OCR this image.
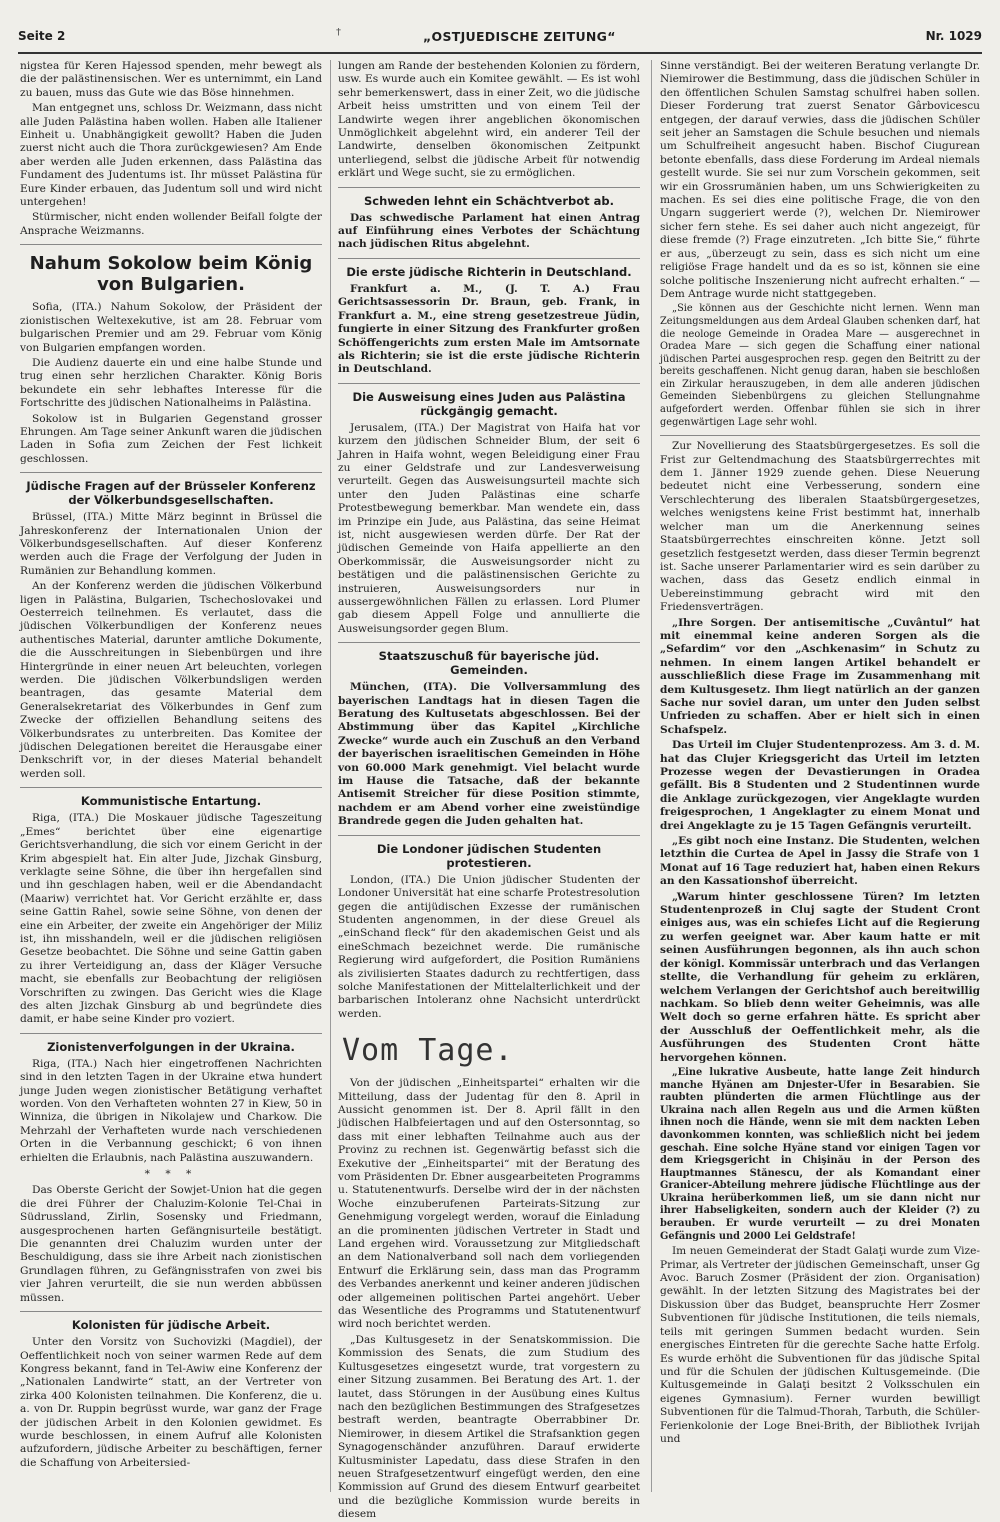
Seite 2	†	„OSTJUEDISCHE ZEITUNG“	Nr. 1029

nigstea für Keren Hajessod spenden, mehr bewegt als die der palästinensischen. Wer es unternimmt, ein Land zu bauen, muss das Gute wie das Böse hinnehmen.

Man entgegnet uns, schloss Dr. Weizmann, dass nicht alle Juden Palästina haben wollen. Haben alle Italiener Einheit u. Unabhängigkeit gewollt? Haben die Juden zuerst nicht auch die Thora zurückgewiesen? Am Ende aber werden alle Juden erkennen, dass Palästina das Fundament des Judentums ist. Ihr müsset Palästina für Eure Kinder erbauen, das Judentum soll und wird nicht untergehen!

Stürmischer, nicht enden wollender Beifall folgte der Ansprache Weizmanns.

Nahum Sokolow beim König von Bulgarien.

Sofia, (ITA.) Nahum Sokolow, der Präsident der zionistischen Weltexekutive, ist am 28. Februar vom bulgarischen Premier und am 29. Februar vom König von Bulgarien empfangen worden.

Die Audienz dauerte ein und eine halbe Stunde und trug einen sehr herzlichen Charakter. König Boris bekundete ein sehr lebhaftes Interesse für die Fortschritte des jüdischen Nationalheims in Palästina.

Sokolow ist in Bulgarien Gegenstand grosser Ehrungen. Am Tage seiner Ankunft waren die jüdischen Laden in Sofia zum Zeichen der Fest lichkeit geschlossen.

Jüdische Fragen auf der Brüsseler Konferenz der Völkerbundsgesellschaften.

Brüssel, (ITA.) Mitte März beginnt in Brüssel die Jahreskonferenz der Internationalen Union der Völkerbundsgesellschaften. Auf dieser Konferenz werden auch die Frage der Verfolgung der Juden in Rumänien zur Behandlung kommen.

An der Konferenz werden die jüdischen Völkerbund ligen in Palästina, Bulgarien, Tschechoslovakei und Oesterreich teilnehmen. Es verlautet, dass die jüdischen Völkerbundligen der Konferenz neues authentisches Material, darunter amtliche Dokumente, die die Ausschreitungen in Siebenbürgen und ihre Hintergründe in einer neuen Art beleuchten, vorlegen werden. Die jüdischen Völkerbundsligen werden beantragen, das gesamte Material dem Generalsekretariat des Völkerbundes in Genf zum Zwecke der offiziellen Behandlung seitens des Völkerbundsrates zu unterbreiten. Das Komitee der jüdischen Delegationen bereitet die Herausgabe einer Denkschrift vor, in der dieses Material behandelt werden soll.

Kommunistische Entartung.

Riga, (ITA.) Die Moskauer jüdische Tageszeitung „Emes“ berichtet über eine eigenartige Gerichtsverhandlung, die sich vor einem Gericht in der Krim abgespielt hat. Ein alter Jude, Jizchak Ginsburg, verklagte seine Söhne, die über ihn hergefallen sind und ihn geschlagen haben, weil er die Abendandacht (Maariw) verrichtet hat. Vor Gericht erzählte er, dass seine Gattin Rahel, sowie seine Söhne, von denen der eine ein Arbeiter, der zweite ein Angehöriger der Miliz ist, ihn misshandeln, weil er die jüdischen religiösen Gesetze beobachtet. Die Söhne und seine Gattin gaben zu ihrer Verteidigung an, dass der Kläger Versuche macht, sie ebenfalls zur Beobachtung der religiösen Vorschriften zu zwingen. Das Gericht wies die Klage des alten Jizchak Ginsburg ab und begründete dies damit, er habe seine Kinder pro voziert.

Zionistenverfolgungen in der Ukraina.

Riga, (ITA.) Nach hier eingetroffenen Nachrichten sind in den letzten Tagen in der Ukraine etwa hundert junge Juden wegen zionistischer Betätigung verhaftet worden. Von den Verhafteten wohnten 27 in Kiew, 50 in Winniza, die übrigen in Nikolajew und Charkow. Die Mehrzahl der Verhafteten wurde nach verschiedenen Orten in die Verbannung geschickt; 6 von ihnen erhielten die Erlaubnis, nach Palästina auszuwandern.

* * *

Das Oberste Gericht der Sowjet-Union hat die gegen die drei Führer der Chaluzim-Kolonie Tel-Chai in Südrussland, Zirlin, Sosensky und Friedmann, ausgesprochenen harten Gefängnisurteile bestätigt. Die genannten drei Chaluzim wurden unter der Beschuldigung, dass sie ihre Arbeit nach zionistischen Grundlagen führen, zu Gefängnisstrafen von zwei bis vier Jahren verurteilt, die sie nun werden abbüssen müssen.

Kolonisten für jüdische Arbeit.

Unter den Vorsitz von Suchovizki (Magdiel), der Oeffentlichkeit noch von seiner warmen Rede auf dem Kongress bekannt, fand in Tel-Awiw eine Konferenz der „Nationalen Landwirte“ statt, an der Vertreter von zirka 400 Kolonisten teilnahmen. Die Konferenz, die u. a. von Dr. Ruppin begrüsst wurde, war ganz der Frage der jüdischen Arbeit in den Kolonien gewidmet. Es wurde beschlossen, in einem Aufruf alle Kolonisten aufzufordern, jüdische Arbeiter zu beschäftigen, ferner die Schaffung von Arbeitersied-

lungen am Rande der bestehenden Kolonien zu fördern, usw. Es wurde auch ein Komitee gewählt. — Es ist wohl sehr bemerkenswert, dass in einer Zeit, wo die jüdische Arbeit heiss umstritten und von einem Teil der Landwirte wegen ihrer angeblichen ökonomischen Unmöglichkeit abgelehnt wird, ein anderer Teil der Landwirte, denselben ökonomischen Zeitpunkt unterliegend, selbst die jüdische Arbeit für notwendig erklärt und Wege sucht, sie zu ermöglichen.

Schweden lehnt ein Schächtverbot ab.

Das schwedische Parlament hat einen Antrag auf Einführung eines Verbotes der Schächtung nach jüdischen Ritus abgelehnt.

Die erste jüdische Richterin in Deutschland.

Frankfurt a. M., (J. T. A.) Frau Gerichtsassessorin Dr. Braun, geb. Frank, in Frankfurt a. M., eine streng gesetzestreue Jüdin, fungierte in einer Sitzung des Frankfurter großen Schöffengerichts zum ersten Male im Amtsornate als Richterin; sie ist die erste jüdische Richterin in Deutschland.

Die Ausweisung eines Juden aus Palästina rückgängig gemacht.

Jerusalem, (ITA.) Der Magistrat von Haifa hat vor kurzem den jüdischen Schneider Blum, der seit 6 Jahren in Haifa wohnt, wegen Beleidigung einer Frau zu einer Geldstrafe und zur Landesverweisung verurteilt. Gegen das Ausweisungsurteil machte sich unter den Juden Palästinas eine scharfe Protestbewegung bemerkbar. Man wendete ein, dass im Prinzipe ein Jude, aus Palästina, das seine Heimat ist, nicht ausgewiesen werden dürfe. Der Rat der jüdischen Gemeinde von Haifa appellierte an den Oberkommissär, die Ausweisungsorder nicht zu bestätigen und die palästinensischen Gerichte zu instruieren, Ausweisungsorders nur in aussergewöhnlichen Fällen zu erlassen. Lord Plumer gab diesem Appell Folge und annullierte die Ausweisungsorder gegen Blum.

Staatszuschuß für bayerische jüd. Gemeinden.

München, (ITA). Die Vollversammlung des bayerischen Landtags hat in diesen Tagen die Beratung des Kultusetats abgeschlossen. Bei der Abstimmung über das Kapitel „Kirchliche Zwecke“ wurde auch ein Zuschuß an den Verband der bayerischen israelitischen Gemeinden in Höhe von 60.000 Mark genehmigt. Viel belacht wurde im Hause die Tatsache, daß der bekannte Antisemit Streicher für diese Position stimmte, nachdem er am Abend vorher eine zweistündige Brandrede gegen die Juden gehalten hat.

Die Londoner jüdischen Studenten protestieren.

London, (ITA.) Die Union jüdischer Studenten der Londoner Universität hat eine scharfe Protestresolution gegen die antijüdischen Exzesse der rumänischen Studenten angenommen, in der diese Greuel als „einSchand fleck“ für den akademischen Geist und als eineSchmach bezeichnet werde. Die rumänische Regierung wird aufgefordert, die Position Rumäniens als zivilisierten Staates dadurch zu rechtfertigen, dass solche Manifestationen der Mittelalterlichkeit und der barbarischen Intoleranz ohne Nachsicht unterdrückt werden.

Vom Tage.

Von der jüdischen „Einheitspartei“ erhalten wir die Mitteilung, dass der Judentag für den 8. April in Aussicht genommen ist. Der 8. April fällt in den jüdischen Halbfeiertagen und auf den Ostersonntag, so dass mit einer lebhaften Teilnahme auch aus der Provinz zu rechnen ist. Gegenwärtig befasst sich die Exekutive der „Einheitspartei“ mit der Beratung des vom Präsidenten Dr. Ebner ausgearbeiteten Programms u. Statutenentwurfs. Derselbe wird der in der nächsten Woche einzuberufenen Parteirats-Sitzung zur Genehmigung vorgelegt werden, worauf die Einladung an die prominenten jüdischen Vertreter in Stadt und Land ergehen wird. Voraussetzung zur Mitgliedschaft an dem Nationalverband soll nach dem vorliegenden Entwurf die Erklärung sein, dass man das Programm des Verbandes anerkennt und keiner anderen jüdischen oder allgemeinen politischen Partei angehört. Ueber das Wesentliche des Programms und Statutenentwurf wird noch berichtet werden.

„Das Kultusgesetz in der Senatskommission. Die Kommission des Senats, die zum Studium des Kultusgesetzes eingesetzt wurde, trat vorgestern zu einer Sitzung zusammen. Bei Beratung des Art. 1. der lautet, dass Störungen in der Ausübung eines Kultus nach den bezüglichen Bestimmungen des Strafgesetzes bestraft werden, beantragte Oberrabbiner Dr. Niemirower, in diesem Artikel die Strafsanktion gegen Synagogenschänder anzuführen. Darauf erwiderte Kultusminister Lapedatu, dass diese Strafen in den neuen Strafgesetzentwurf eingefügt werden, den eine Kommission auf Grund des diesem Entwurf gearbeitet und die bezügliche Kommission wurde bereits in diesem

Sinne verständigt. Bei der weiteren Beratung verlangte Dr. Niemirower die Bestimmung, dass die jüdischen Schüler in den öffentlichen Schulen Samstag schulfrei haben sollen. Dieser Forderung trat zuerst Senator Gârbovicescu entgegen, der darauf verwies, dass die jüdischen Schüler seit jeher an Samstagen die Schule besuchen und niemals um Schulfreiheit angesucht haben. Bischof Ciugurean betonte ebenfalls, dass diese Forderung im Ardeal niemals gestellt wurde. Sie sei nur zum Vorschein gekommen, seit wir ein Grossrumänien haben, um uns Schwierigkeiten zu machen. Es sei dies eine politische Frage, die von den Ungarn suggeriert werde (?), welchen Dr. Niemirower sicher fern stehe. Es sei daher auch nicht angezeigt, für diese fremde (?) Frage einzutreten. „Ich bitte Sie,“ führte er aus, „überzeugt zu sein, dass es sich nicht um eine religiöse Frage handelt und da es so ist, können sie eine solche politische Inszenierung nicht aufrecht erhalten.“ — Dem Antrage wurde nicht stattgegeben.

„Sie können aus der Geschichte nicht lernen. Wenn man Zeitungsmeldungen aus dem Ardeal Glauben schenken darf, hat die neologe Gemeinde in Oradea Mare — ausgerechnet in Oradea Mare — sich gegen die Schaffung einer national jüdischen Partei ausgesprochen resp. gegen den Beitritt zu der bereits geschaffenen. Nicht genug daran, haben sie beschloßen ein Zirkular herauszugeben, in dem alle anderen jüdischen Gemeinden Siebenbürgens zu gleichen Stellungnahme aufgefordert werden. Offenbar fühlen sie sich in ihrer gegenwärtigen Lage sehr wohl.

Zur Novellierung des Staatsbürgergesetzes. Es soll die Frist zur Geltendmachung des Staatsbürgerrechtes mit dem 1. Jänner 1929 zuende gehen. Diese Neuerung bedeutet nicht eine Verbesserung, sondern eine Verschlechterung des liberalen Staatsbürgergesetzes, welches wenigstens keine Frist bestimmt hat, innerhalb welcher man um die Anerkennung seines Staatsbürgerrechtes einschreiten könne. Jetzt soll gesetzlich festgesetzt werden, dass dieser Termin begrenzt ist. Sache unserer Parlamentarier wird es sein darüber zu wachen, dass das Gesetz endlich einmal in Uebereinstimmung gebracht wird mit den Friedensverträgen.

„Ihre Sorgen. Der antisemitische „Cuvântul“ hat mit einemmal keine anderen Sorgen als die „Sefardim“ vor den „Aschkenasim“ in Schutz zu nehmen. In einem langen Artikel behandelt er ausschließlich diese Frage im Zusammenhang mit dem Kultusgesetz. Ihm liegt natürlich an der ganzen Sache nur soviel daran, um unter den Juden selbst Unfrieden zu schaffen. Aber er hielt sich in einen Schafspelz.

Das Urteil im Clujer Studentenprozess. Am 3. d. M. hat das Clujer Kriegsgericht das Urteil im letzten Prozesse wegen der Devastierungen in Oradea gefällt. Bis 8 Studenten und 2 Studentinnen wurde die Anklage zurückgezogen, vier Angeklagte wurden freigesprochen, 1 Angeklagter zu einem Monat und drei Angeklagte zu je 15 Tagen Gefängnis verurteilt.

„Es gibt noch eine Instanz. Die Studenten, welchen letzthin die Curtea de Apel in Jassy die Strafe von 1 Monat auf 16 Tage reduziert hat, haben einen Rekurs an den Kassationshof überreicht.

„Warum hinter geschlossene Türen? Im letzten Studentenprozeß in Cluj sagte der Student Cront einiges aus, was ein schiefes Licht auf die Regierung zu werfen geeignet war. Aber kaum hatte er mit seinen Ausführungen begonnen, als ihn auch schon der königl. Kommissär unterbrach und das Verlangen stellte, die Verhandlung für geheim zu erklären, welchem Verlangen der Gerichtshof auch bereitwillig nachkam. So blieb denn weiter Geheimnis, was alle Welt doch so gerne erfahren hätte. Es spricht aber der Ausschluß der Oeffentlichkeit mehr, als die Ausführungen des Studenten Cront hätte hervorgehen können.

„Eine lukrative Ausbeute, hatte lange Zeit hindurch manche Hyänen am Dnjester-Ufer in Besarabien. Sie raubten plünderten die armen Flüchtlinge aus der Ukraina nach allen Regeln aus und die Armen küßten ihnen noch die Hände, wenn sie mit dem nackten Leben davonkommen konnten, was schließlich nicht bei jedem geschah. Eine solche Hyäne stand vor einigen Tagen vor dem Kriegsgericht in Chişinău in der Person des Hauptmannes Stănescu, der als Komandant einer Granicer-Abteilung mehrere jüdische Flüchtlinge aus der Ukraina herüberkommen ließ, um sie dann nicht nur ihrer Habseligkeiten, sondern auch der Kleider (?) zu berauben. Er wurde verurteilt — zu drei Monaten Gefängnis und 2000 Lei Geldstrafe!

Im neuen Gemeinderat der Stadt Galaţi wurde zum Vize-Primar, als Vertreter der jüdischen Gemeinschaft, unser Gg Avoc. Baruch Zosmer (Präsident der zion. Organisation) gewählt. In der letzten Sitzung des Magistrates bei der Diskussion über das Budget, beanspruchte Herr Zosmer Subventionen für jüdische Institutionen, die teils niemals, teils mit geringen Summen bedacht wurden. Sein energisches Eintreten für die gerechte Sache hatte Erfolg. Es wurde erhöht die Subventionen für das jüdische Spital und für die Schulen der jüdischen Kultusgemeinde. (Die Kultusgemeinde in Galaţi besitzt 2 Volksschulen ein eigenes Gymnasium). Ferner wurden bewilligt Subventionen für die Talmud-Thorah, Tarbuth, die Schüler-Ferienkolonie der Loge Bnei-Brith, der Bibliothek Ivrijah und
